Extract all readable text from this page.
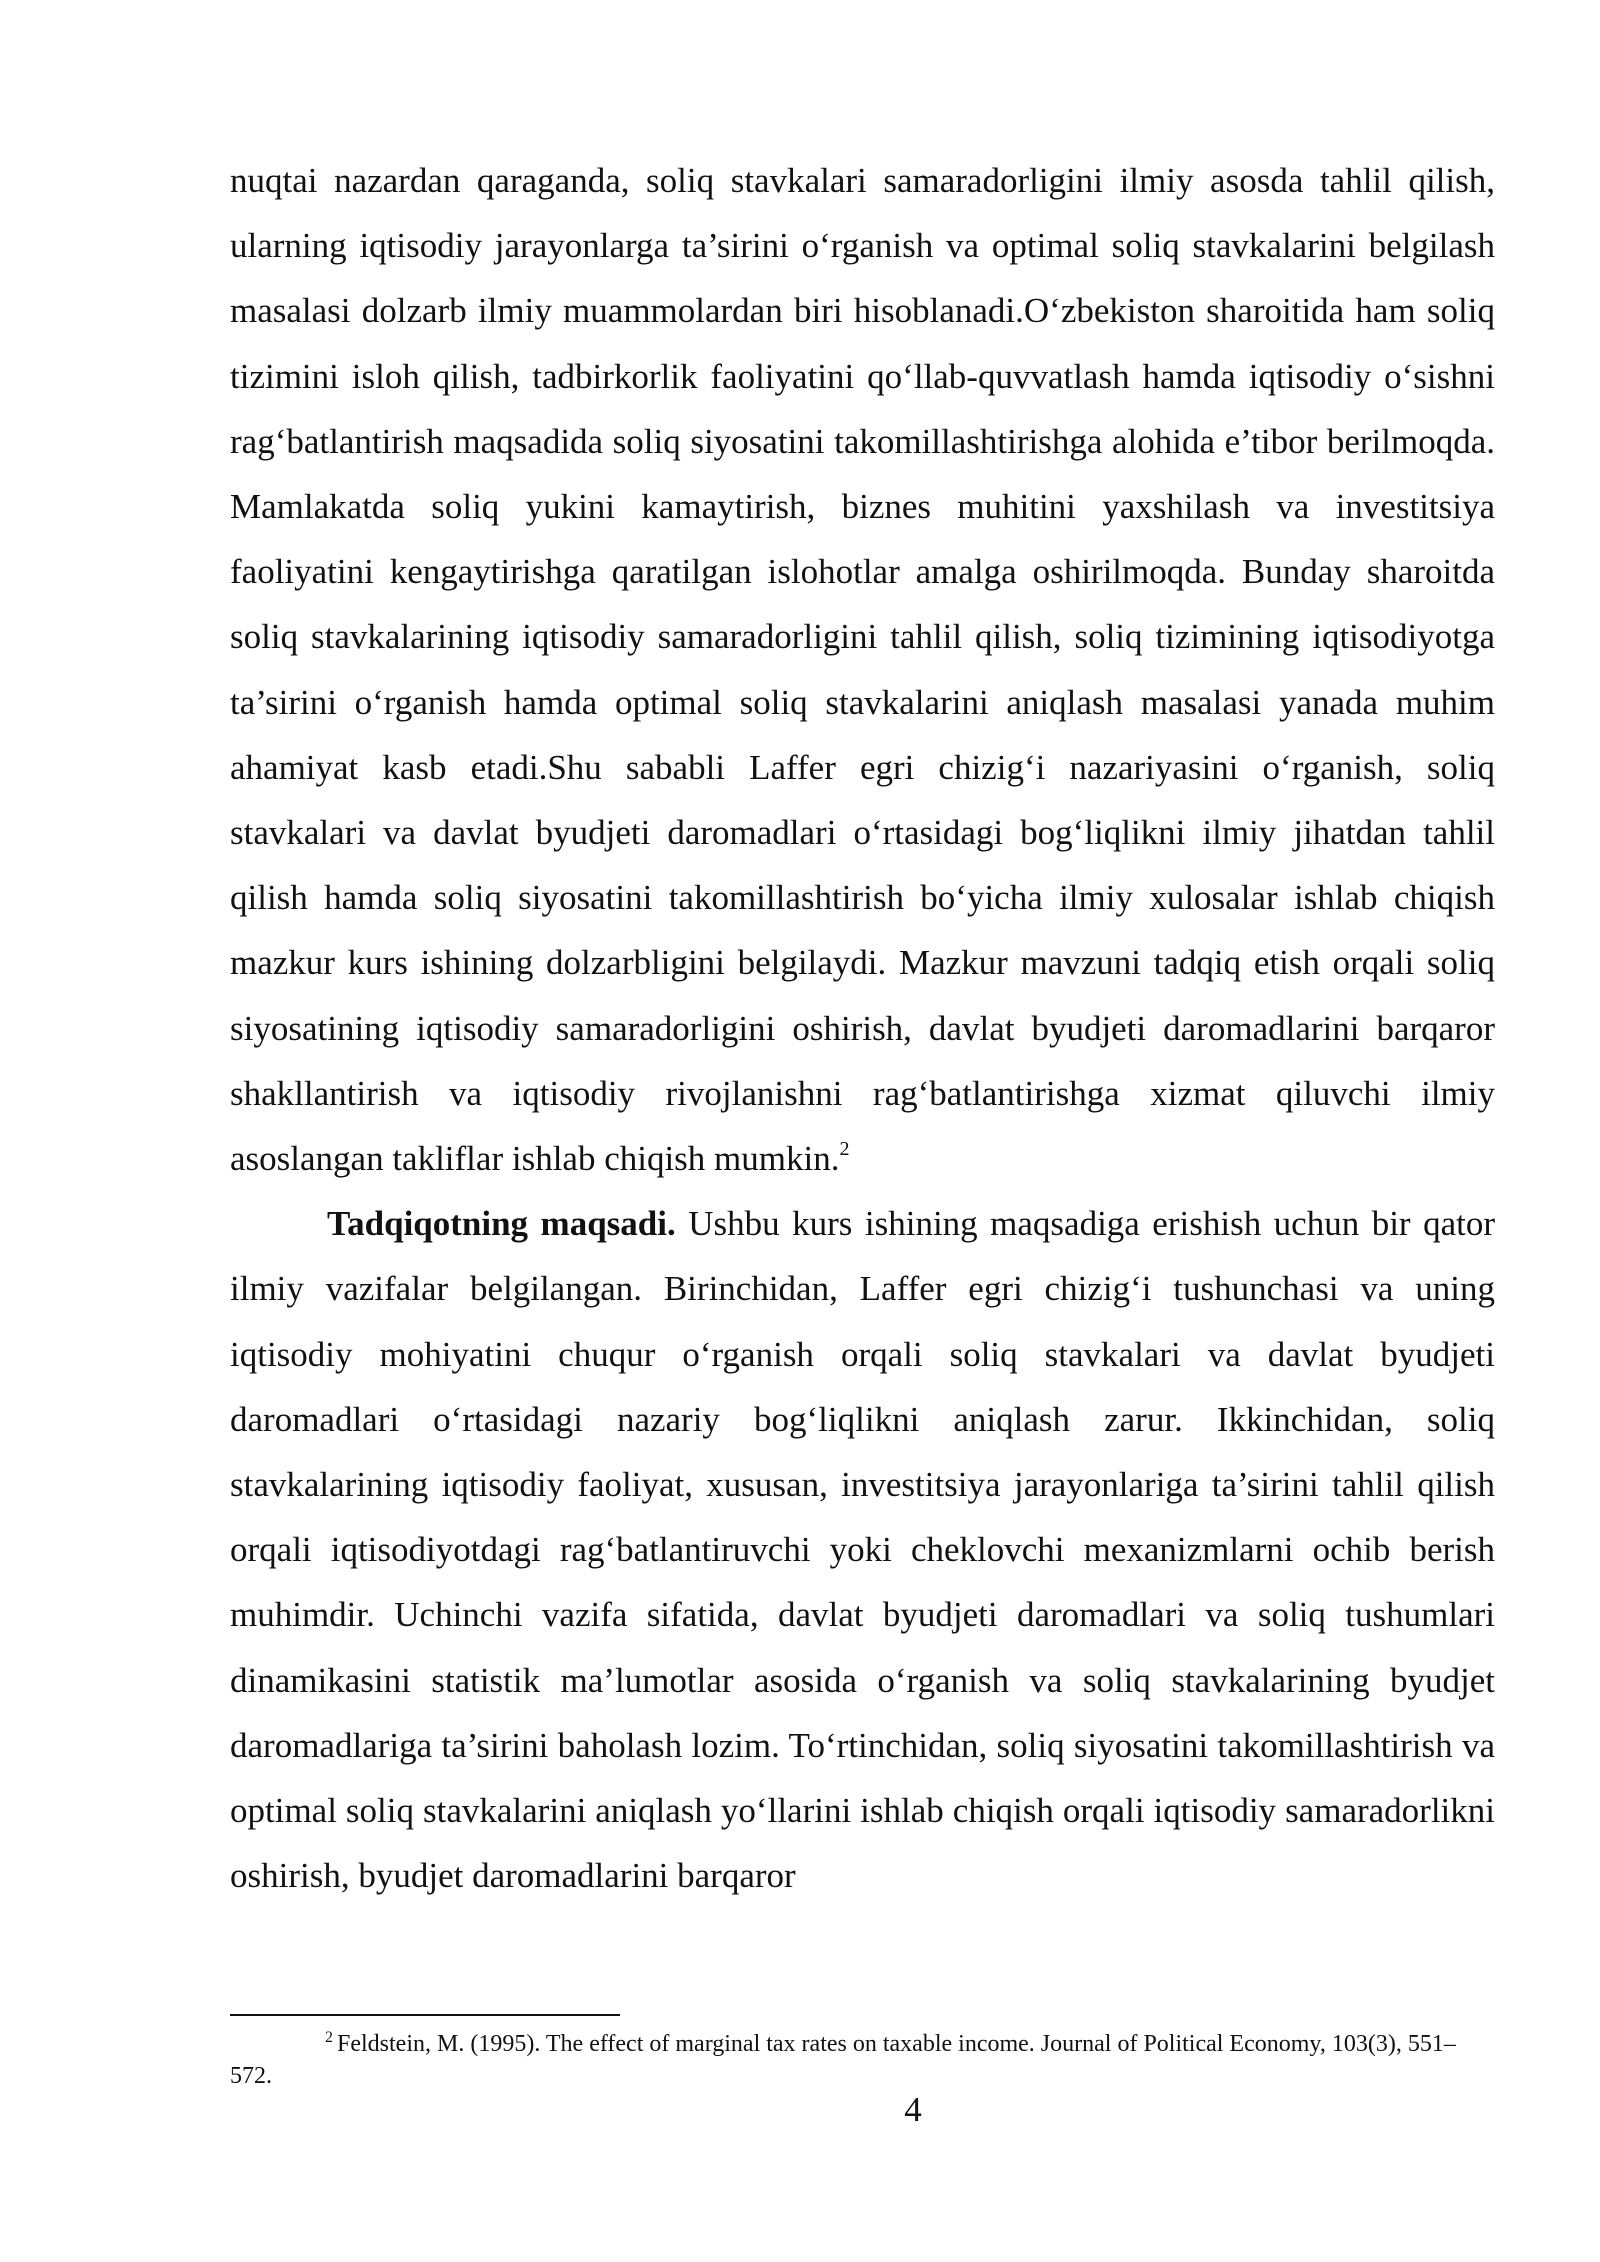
nuqtai nazardan qaraganda, soliq stavkalari samaradorligini ilmiy asosda tahlil qilish, ularning iqtisodiy jarayonlarga ta’sirini o‘rganish va optimal soliq stavkalarini belgilash masalasi dolzarb ilmiy muammolardan biri hisoblanadi.O‘zbekiston sharoitida ham soliq tizimini isloh qilish, tadbirkorlik faoliyatini qo‘llab-quvvatlash hamda iqtisodiy o‘sishni rag‘batlantirish maqsadida soliq siyosatini takomillashtirishga alohida e’tibor berilmoqda. Mamlakatda soliq yukini kamaytirish, biznes muhitini yaxshilash va investitsiya faoliyatini kengaytirishga qaratilgan islohotlar amalga oshirilmoqda. Bunday sharoitda soliq stavkalarining iqtisodiy samaradorligini tahlil qilish, soliq tizimining iqtisodiyotga ta’sirini o‘rganish hamda optimal soliq stavkalarini aniqlash masalasi yanada muhim ahamiyat kasb etadi.Shu sababli Laffer egri chizig‘i nazariyasini o‘rganish, soliq stavkalari va davlat byudjeti daromadlari o‘rtasidagi bog‘liqlikni ilmiy jihatdan tahlil qilish hamda soliq siyosatini takomillashtirish bo‘yicha ilmiy xulosalar ishlab chiqish mazkur kurs ishining dolzarbligini belgilaydi. Mazkur mavzuni tadqiq etish orqali soliq siyosatining iqtisodiy samaradorligini oshirish, davlat byudjeti daromadlarini barqaror shakllantirish va iqtisodiy rivojlanishni rag‘batlantirishga xizmat qiluvchi ilmiy asoslangan takliflar ishlab chiqish mumkin.$^2$

Tadqiqotning maqsadi. Ushbu kurs ishining maqsadiga erishish uchun bir qator ilmiy vazifalar belgilangan. Birinchidan, Laffer egri chizig‘i tushunchasi va uning iqtisodiy mohiyatini chuqur o‘rganish orqali soliq stavkalari va davlat byudjeti daromadlari o‘rtasidagi nazariy bog‘liqlikni aniqlash zarur. Ikkinchidan, soliq stavkalarining iqtisodiy faoliyat, xususan, investitsiya jarayonlariga ta’sirini tahlil qilish orqali iqtisodiyotdagi rag‘batlantiruvchi yoki cheklovchi mexanizmlarni ochib berish muhimdir. Uchinchi vazifa sifatida, davlat byudjeti daromadlari va soliq tushumlari dinamikasini statistik ma’lumotlar asosida o‘rganish va soliq stavkalarining byudjet daromadlariga ta’sirini baholash lozim. To‘rtinchidan, soliq siyosatini takomillashtirish va optimal soliq stavkalarini aniqlash yo‘llarini ishlab chiqish orqali iqtisodiy samaradorlikni oshirish, byudjet daromadlarini barqaror

2 Feldstein, M. (1995). The effect of marginal tax rates on taxable income. Journal of Political Economy, 103(3), 551–572.
4
